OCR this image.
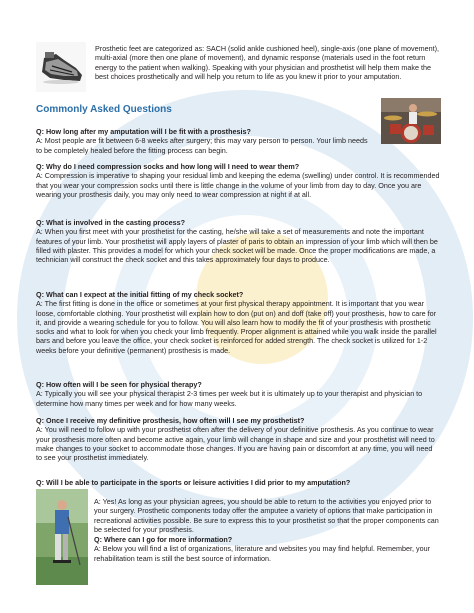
Prosthetic feet are categorized as: SACH (solid ankle cushioned heel), single-axis (one plane of movement), multi-axial (more then one plane of movement), and dynamic response (materials used in the foot return energy to the patient when walking). Speaking with your physician and prosthetist will help them make the best choices prosthetically and will help you return to life as you knew it prior to your amputation.

Commonly Asked Questions
Q: How long after my amputation will I be fit with a prosthesis?
A: Most people are fit between 6-8 weeks after surgery; this may vary person to person. Your limb needs to be completely healed before the fitting process can begin.
Q: Why do I need compression socks and how long will I need to wear them?
A: Compression is imperative to shaping your residual limb and keeping the edema (swelling) under control. It is recommended that you wear your compression socks until there is little change in the volume of your limb from day to day. Once you are wearing your prosthesis daily, you may only need to wear compression at night if at all.
Q: What is involved in the casting process?
A: When you first meet with your prosthetist for the casting, he/she will take a set of measurements and note the important features of your limb. Your prosthetist will apply layers of plaster of paris to obtain an impression of your limb which will then be filled with plaster. This provides a model for which your check socket will be made. Once the proper modifications are made, a technician will construct the check socket and this takes approximately four days to produce.
Q: What can I expect at the initial fitting of my check socket?
A: The first fitting is done in the office or sometimes at your first physical therapy appointment. It is important that you wear loose, comfortable clothing. Your prosthetist will explain how to don (put on) and doff (take off) your prosthesis, how to care for it, and provide a wearing schedule for you to follow. You will also learn how to modify the fit of your prosthesis with prosthetic socks and what to look for when you check your limb frequently. Proper alignment is attained while you walk inside the parallel bars and before you leave the office, your check socket is reinforced for added strength. The check socket is utilized for 1-2 weeks before your definitive (permanent) prosthesis is made.
Q: How often will I be seen for physical therapy?
A: Typically you will see your physical therapist 2-3 times per week but it is ultimately up to your therapist and physician to determine how many times per week and for how many weeks.
Q: Once I receive my definitive prosthesis, how often will I see my prosthetist?
A: You will need to follow up with your prosthetist often after the delivery of your definitive prosthesis. As you continue to wear your prosthesis more often and become active again, your limb will change in shape and size and your prosthetist will need to make changes to your socket to accommodate those changes. If you are having pain or discomfort at any time, you will need to see your prosthetist immediately.
Q: Will I be able to participate in the sports or leisure activities I did prior to my amputation?

A: Yes! As long as your physician agrees, you should be able to return to the activities you enjoyed prior to your surgery. Prosthetic components today offer the amputee a variety of options that make participation in recreational activities possible. Be sure to express this to your prosthetist so that the proper components can be selected for your prosthesis.

Q: Where can I go for more information?
A: Below you will find a list of organizations, literature and websites you may find helpful. Remember, your rehabilitation team is still the best source of information.
